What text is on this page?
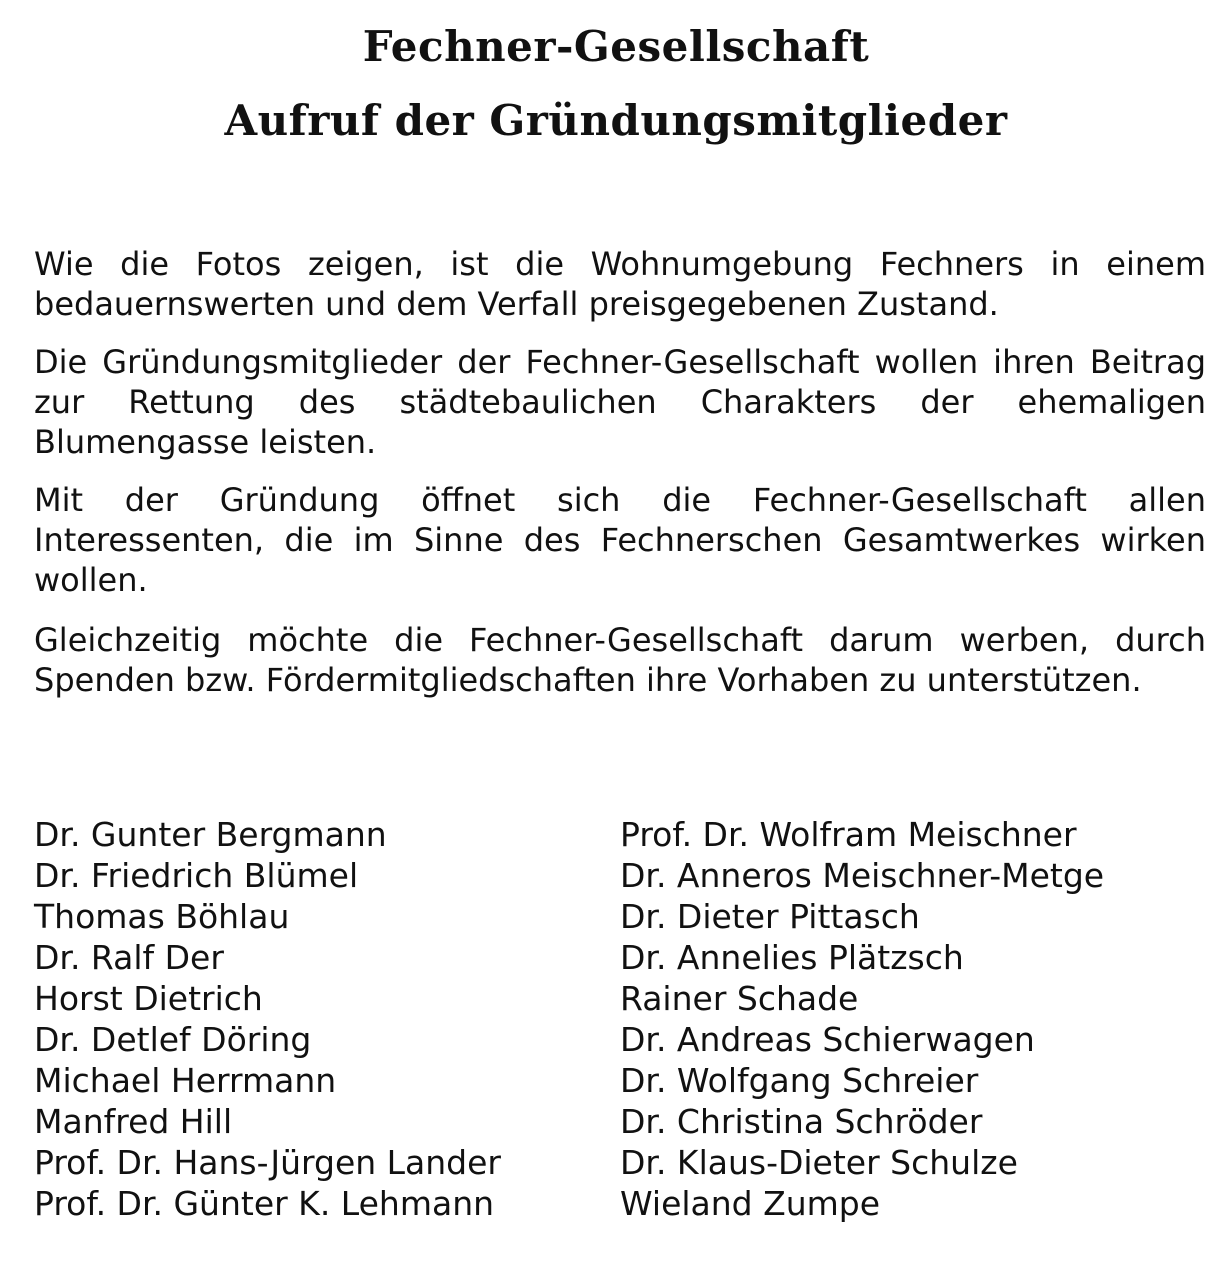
Fechner-Gesellschaft
Aufruf der Gründungsmitglieder

Wie die Fotos zeigen, ist die Wohnumgebung Fechners in einem bedauernswerten und dem Verfall preisgegebenen Zustand.

Die Gründungsmitglieder der Fechner-Gesellschaft wollen ihren Beitrag zur Rettung des städtebaulichen Charakters der ehemaligen Blumengasse leisten.

Mit der Gründung öffnet sich die Fechner-Gesellschaft allen Interessenten, die im Sinne des Fechnerschen Gesamtwerkes wirken wollen.

Gleichzeitig möchte die Fechner-Gesellschaft darum werben, durch Spenden bzw. Fördermitgliedschaften ihre Vorhaben zu unterstützen.

Dr. Gunter Bergmann
Dr. Friedrich Blümel
Thomas Böhlau
Dr. Ralf Der
Horst Dietrich
Dr. Detlef Döring
Michael Herrmann
Manfred Hill
Prof. Dr. Hans-Jürgen Lander
Prof. Dr. Günter K. Lehmann
Prof. Dr. Wolfram Meischner
Dr. Anneros Meischner-Metge
Dr. Dieter Pittasch
Dr. Annelies Plätzsch
Rainer Schade
Dr. Andreas Schierwagen
Dr. Wolfgang Schreier
Dr. Christina Schröder
Dr. Klaus-Dieter Schulze
Wieland Zumpe
